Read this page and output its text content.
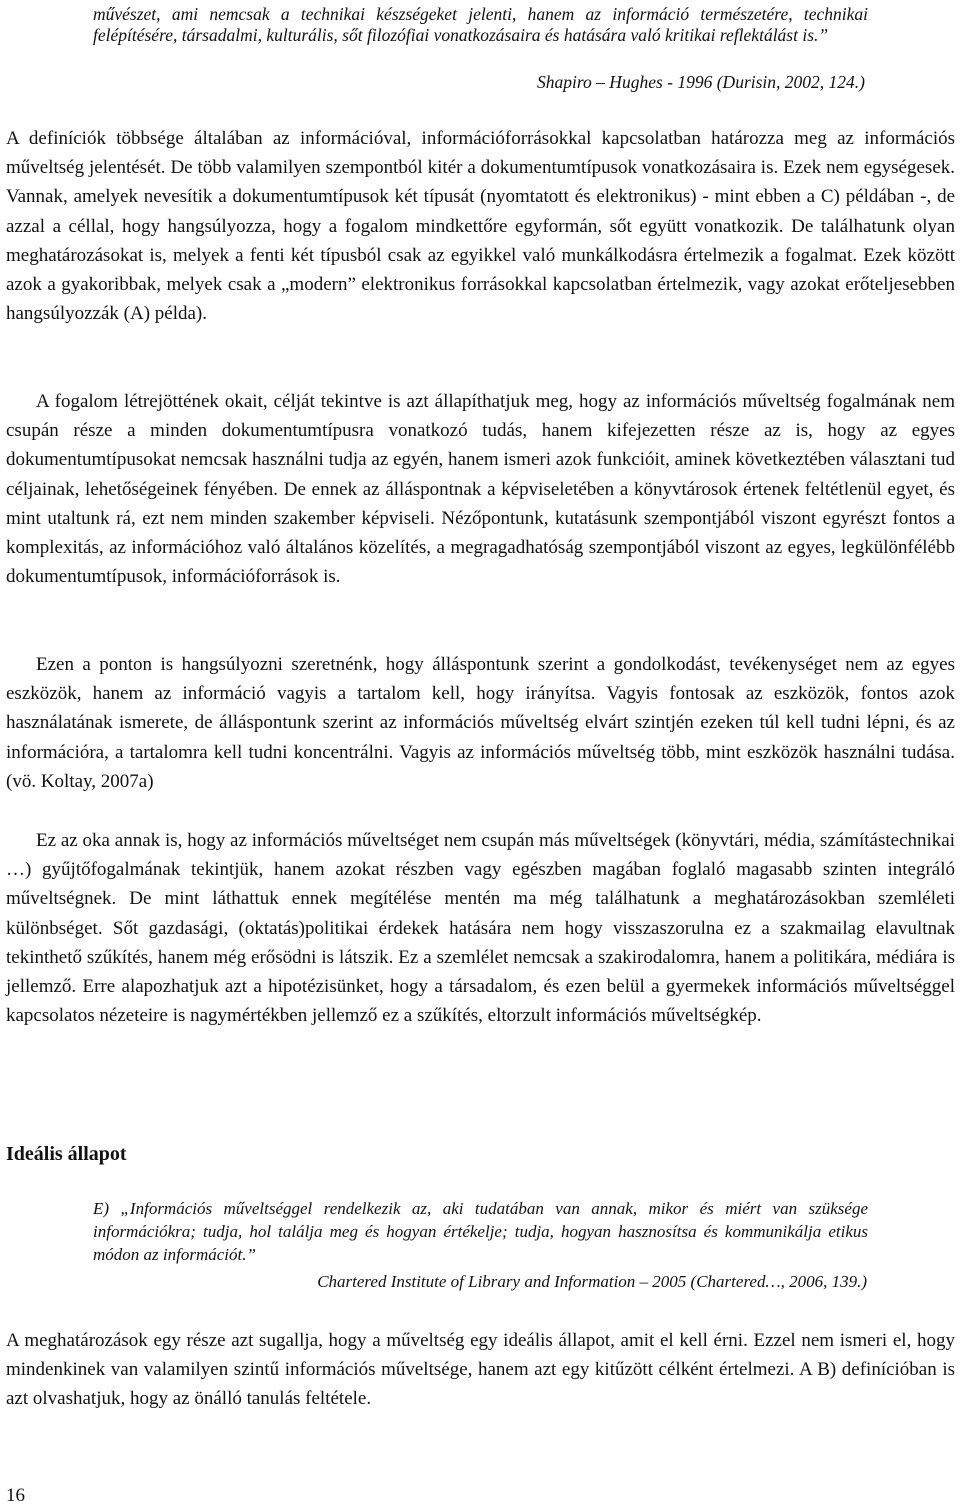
művészet, ami nemcsak a technikai készségeket jelenti, hanem az információ természetére, technikai felépítésére, társadalmi, kulturális, sőt filozófiai vonatkozásaira és hatására való kritikai reflektálást is.”

Shapiro – Hughes - 1996 (Durisin, 2002, 124.)

A definíciók többsége általában az információval, információforrásokkal kapcsolatban határozza meg az információs műveltség jelentését. De több valamilyen szempontból kitér a dokumentumtípusok vonatkozásaira is. Ezek nem egységesek. Vannak, amelyek nevesítik a dokumentumtípusok két típusát (nyomtatott és elektronikus) - mint ebben a C) példában -, de azzal a céllal, hogy hangsúlyozza, hogy a fogalom mindkettőre egyformán, sőt együtt vonatkozik. De találhatunk olyan meghatározásokat is, melyek a fenti két típusból csak az egyikkel való munkálkodásra értelmezik a fogalmat. Ezek között azok a gyakoribbak, melyek csak a „modern” elektronikus forrásokkal kapcsolatban értelmezik, vagy azokat erőteljesebben hangsúlyozzák (A) példa).

A fogalom létrejöttének okait, célját tekintve is azt állapíthatjuk meg, hogy az információs műveltség fogalmának nem csupán része a minden dokumentumtípusra vonatkozó tudás, hanem kifejezetten része az is, hogy az egyes dokumentumtípusokat nemcsak használni tudja az egyén, hanem ismeri azok funkcióit, aminek következtében választani tud céljainak, lehetőségeinek fényében. De ennek az álláspontnak a képviseletében a könyvtárosok értenek feltétlenül egyet, és mint utaltunk rá, ezt nem minden szakember képviseli. Nézőpontunk, kutatásunk szempontjából viszont egyrészt fontos a komplexitás, az információhoz való általános közelítés, a megragadhatóság szempontjából viszont az egyes, legkülönfélébb dokumentumtípusok, információforrások is.

Ezen a ponton is hangsúlyozni szeretnénk, hogy álláspontunk szerint a gondolkodást, tevékenységet nem az egyes eszközök, hanem az információ vagyis a tartalom kell, hogy irányítsa. Vagyis fontosak az eszközök, fontos azok használatának ismerete, de álláspontunk szerint az információs műveltség elvárt szintjén ezeken túl kell tudni lépni, és az információra, a tartalomra kell tudni koncentrálni. Vagyis az információs műveltség több, mint eszközök használni tudása. (vö. Koltay, 2007a)

Ez az oka annak is, hogy az információs műveltséget nem csupán más műveltségek (könyvtári, média, számítástechnikai …) gyűjtőfogalmának tekintjük, hanem azokat részben vagy egészben magában foglaló magasabb szinten integráló műveltségnek. De mint láthattuk ennek megítélése mentén ma még találhatunk a meghatározásokban szemléleti különbséget. Sőt gazdasági, (oktatás)politikai érdekek hatására nem hogy visszaszorulna ez a szakmailag elavultnak tekinthető szűkítés, hanem még erősödni is látszik. Ez a szemlélet nemcsak a szakirodalomra, hanem a politikára, médiára is jellemző. Erre alapozhatjuk azt a hipotézisünket, hogy a társadalom, és ezen belül a gyermekek információs műveltséggel kapcsolatos nézeteire is nagymértékben jellemző ez a szűkítés, eltorzult információs műveltségkép.

Ideális állapot

E) „Információs műveltséggel rendelkezik az, aki tudatában van annak, mikor és miért van szüksége információkra; tudja, hol találja meg és hogyan értékelje; tudja, hogyan hasznosítsa és kommunikálja etikus módon az információt.”

Chartered Institute of Library and Information – 2005 (Chartered…, 2006, 139.)

A meghatározások egy része azt sugallja, hogy a műveltség egy ideális állapot, amit el kell érni. Ezzel nem ismeri el, hogy mindenkinek van valamilyen szintű információs műveltsége, hanem azt egy kitűzött célként értelmezi. A B) definícióban is azt olvashatjuk, hogy az önálló tanulás feltétele.

16
